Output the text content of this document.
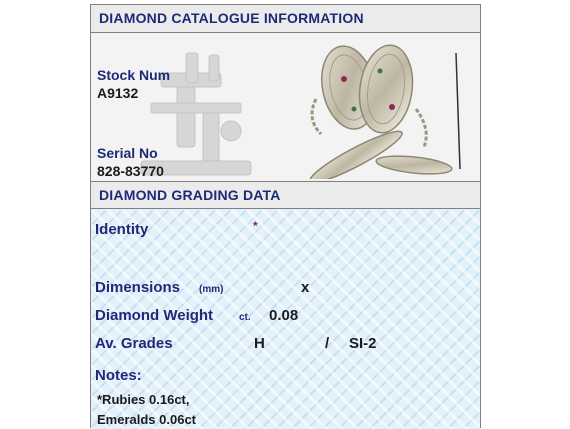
DIAMOND CATALOGUE INFORMATION
Stock Num
A9132
Serial No
828-83770
DIAMOND GRADING DATA
Identity	*
Dimensions (mm)	x
Diamond Weight	ct. 0.08
Av. Grades	H	/ SI-2
Notes:
*Rubies 0.16ct,
Emeralds 0.06ct
